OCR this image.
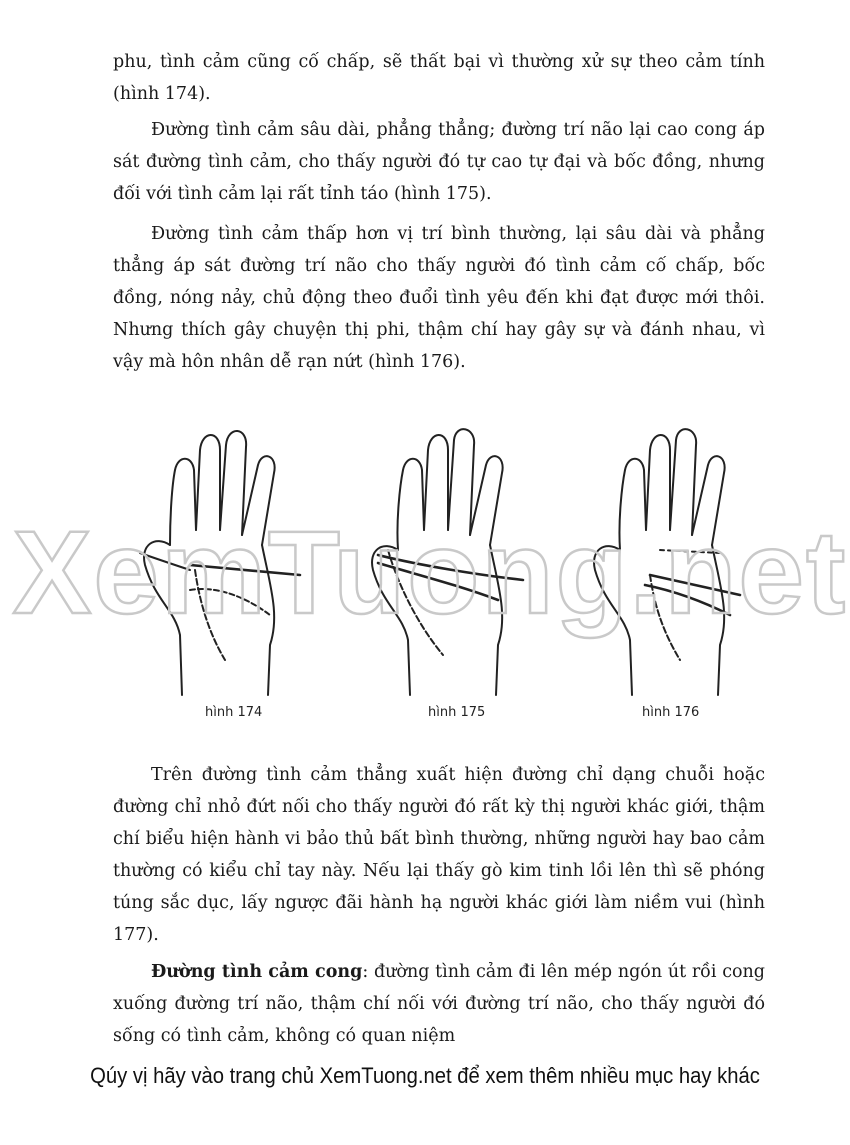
phu, tình cảm cũng cố chấp, sẽ thất bại vì thường xử sự theo cảm tính (hình 174).

Đường tình cảm sâu dài, phẳng thẳng; đường trí não lại cao cong áp sát đường tình cảm, cho thấy người đó tự cao tự đại và bốc đồng, nhưng đối với tình cảm lại rất tỉnh táo (hình 175).

Đường tình cảm thấp hơn vị trí bình thường, lại sâu dài và phẳng thẳng áp sát đường trí não cho thấy người đó tình cảm cố chấp, bốc đồng, nóng nảy, chủ động theo đuổi tình yêu đến khi đạt được mới thôi. Nhưng thích gây chuyện thị phi, thậm chí hay gây sự và đánh nhau, vì vậy mà hôn nhân dễ rạn nứt (hình 176).

hình 174	hình 175	hình 176
XemTuong.net

Trên đường tình cảm thẳng xuất hiện đường chỉ dạng chuỗi hoặc đường chỉ nhỏ đứt nối cho thấy người đó rất kỳ thị người khác giới, thậm chí biểu hiện hành vi bảo thủ bất bình thường, những người hay bao cảm thường có kiểu chỉ tay này. Nếu lại thấy gò kim tinh lồi lên thì sẽ phóng túng sắc dục, lấy ngược đãi hành hạ người khác giới làm niềm vui (hình 177).

Đường tình cảm cong: đường tình cảm đi lên mép ngón út rồi cong xuống đường trí não, thậm chí nối với đường trí não, cho thấy người đó sống có tình cảm, không có quan niệm

Qúy vị hãy vào trang chủ XemTuong.net để xem thêm nhiều mục hay khác
